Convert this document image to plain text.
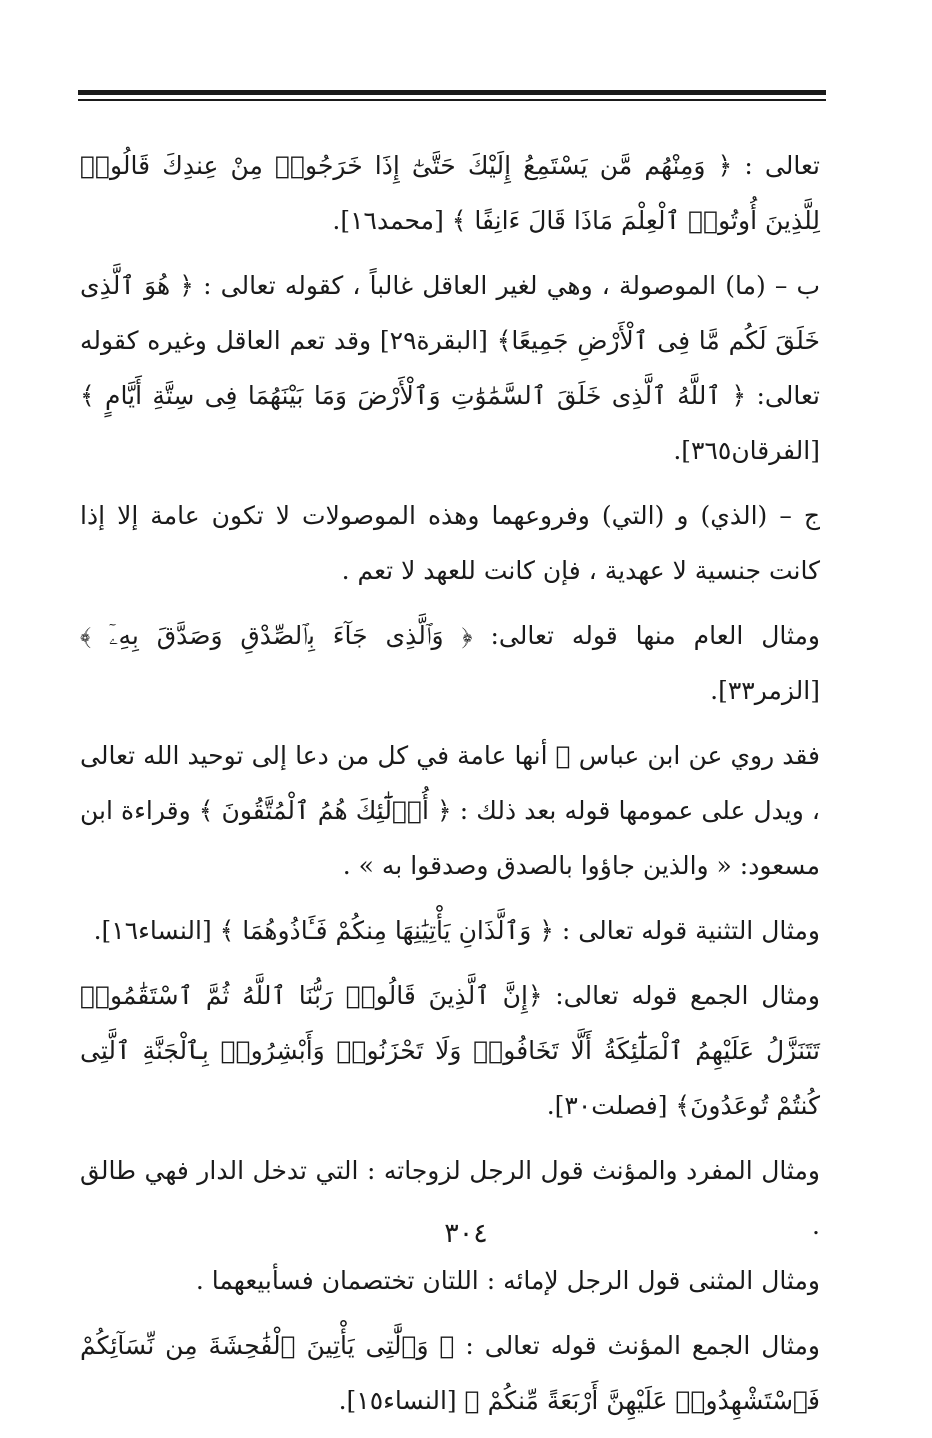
تعالى : ﴿ وَمِنْهُم مَّن يَسْتَمِعُ إِلَيْكَ حَتَّىٰٓ إِذَا خَرَجُوا۟ مِنْ عِندِكَ قَالُوا۟ لِلَّذِينَ أُوتُوا۟ ٱلْعِلْمَ مَاذَا قَالَ ءَانِفًا ﴾ [محمد١٦].

ب – (ما) الموصولة ، وهي لغير العاقل غالباً ، كقوله تعالى : ﴿ هُوَ ٱلَّذِى خَلَقَ لَكُم مَّا فِى ٱلْأَرْضِ جَمِيعًا﴾ [البقرة٢٩] وقد تعم العاقل وغيره كقوله تعالى: ﴿ ٱللَّهُ ٱلَّذِى خَلَقَ ٱلسَّمَٰوَٰتِ وَٱلْأَرْضَ وَمَا بَيْنَهُمَا فِى سِتَّةِ أَيَّامٍ ﴾ [الفرقان٣٦٥].

ج – (الذي) و (التي) وفروعهما وهذه الموصولات لا تكون عامة إلا إذا كانت جنسية لا عهدية ، فإن كانت للعهد لا تعم .

ومثال العام منها قوله تعالى: ﴿ وَٱلَّذِى جَآءَ بِٱلصِّدْقِ وَصَدَّقَ بِهِۦٓ ﴾ [الزمر٣٣].

فقد روي عن ابن عباس ﷺ أنها عامة في كل من دعا إلى توحيد الله تعالى ، ويدل على عمومها قوله بعد ذلك : ﴿ أُو۟لَٰٓئِكَ هُمُ ٱلْمُتَّقُونَ ﴾ وقراءة ابن مسعود: « والذين جاؤوا بالصدق وصدقوا به » .

ومثال التثنية قوله تعالى : ﴿ وَٱلَّذَانِ يَأْتِيَٰنِهَا مِنكُمْ فَـَٔاذُوهُمَا ﴾ [النساء١٦].

ومثال الجمع قوله تعالى: ﴿إِنَّ ٱلَّذِينَ قَالُوا۟ رَبُّنَا ٱللَّهُ ثُمَّ ٱسْتَقَٰمُوا۟ تَتَنَزَّلُ عَلَيْهِمُ ٱلْمَلَٰٓئِكَةُ أَلَّا تَخَافُوا۟ وَلَا تَحْزَنُوا۟ وَأَبْشِرُوا۟ بِٱلْجَنَّةِ ٱلَّتِى كُنتُمْ تُوعَدُونَ﴾ [فصلت٣٠].

ومثال المفرد والمؤنث قول الرجل لزوجاته : التي تدخل الدار فهي طالق .

ومثال المثنى قول الرجل لإمائه : اللتان تختصمان فسأبيعهما .

ومثال الجمع المؤنث قوله تعالى : ﴿ وَٱلَّٰتِى يَأْتِينَ ٱلْفَٰحِشَةَ مِن نِّسَآئِكُمْ فَٱسْتَشْهِدُوا۟ عَلَيْهِنَّ أَرْبَعَةً مِّنكُمْ ﴾ [النساء١٥].

٣٠٤
